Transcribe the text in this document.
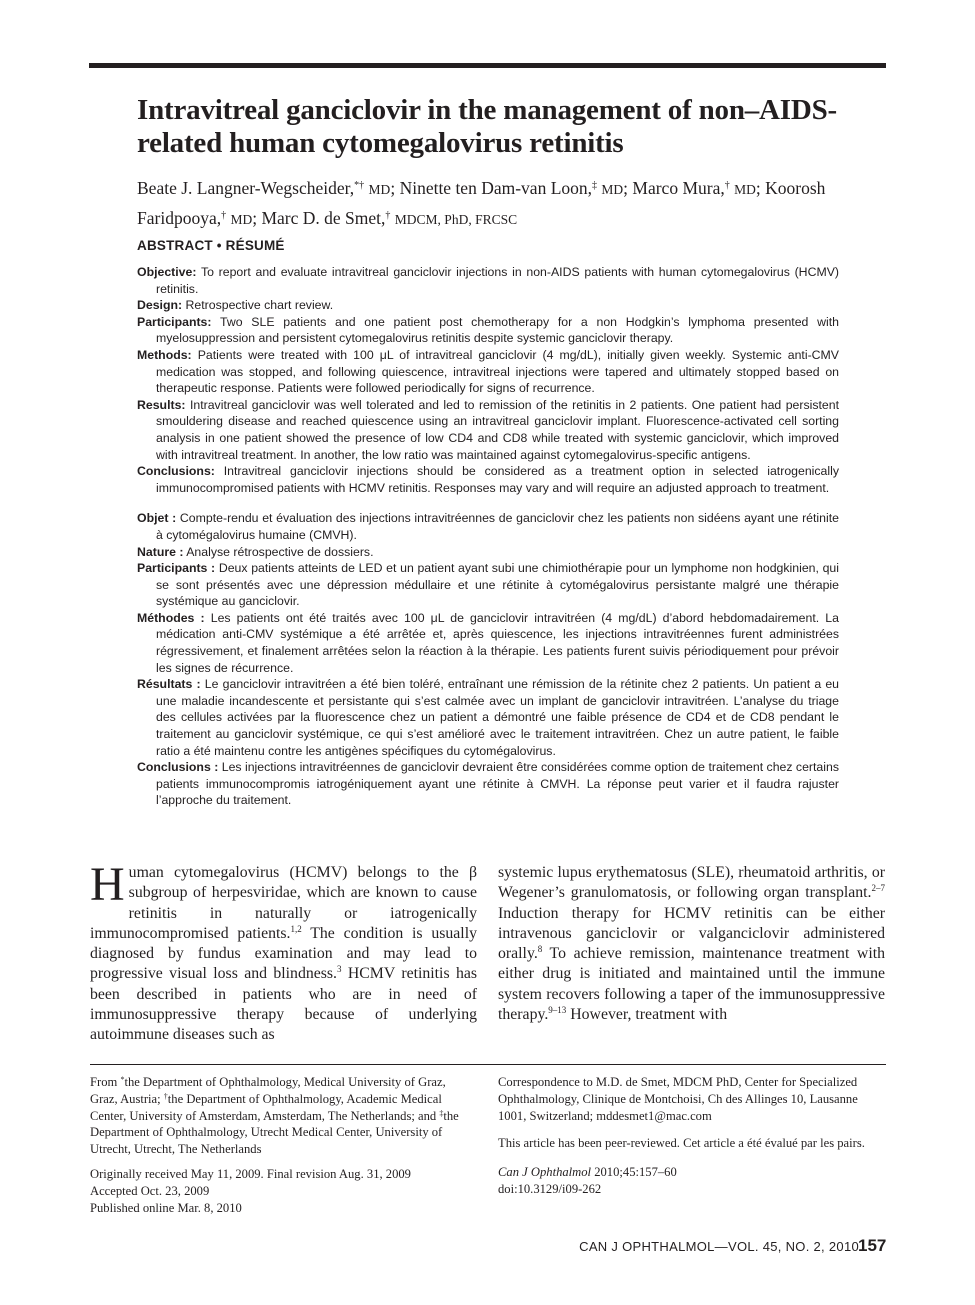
Intravitreal ganciclovir in the management of non–AIDS-related human cytomegalovirus retinitis
Beate J. Langner-Wegscheider,*† MD; Ninette ten Dam-van Loon,‡ MD; Marco Mura,† MD; Koorosh Faridpooya,† MD; Marc D. de Smet,† MDCM, PhD, FRCSC
ABSTRACT • RÉSUMÉ

Objective: To report and evaluate intravitreal ganciclovir injections in non-AIDS patients with human cytomegalovirus (HCMV) retinitis.

Design: Retrospective chart review.

Participants: Two SLE patients and one patient post chemotherapy for a non Hodgkin’s lymphoma presented with myelosuppression and persistent cytomegalovirus retinitis despite systemic ganciclovir therapy.

Methods: Patients were treated with 100 μL of intravitreal ganciclovir (4 mg/dL), initially given weekly. Systemic anti-CMV medication was stopped, and following quiescence, intravitreal injections were tapered and ultimately stopped based on therapeutic response. Patients were followed periodically for signs of recurrence.

Results: Intravitreal ganciclovir was well tolerated and led to remission of the retinitis in 2 patients. One patient had persistent smouldering disease and reached quiescence using an intravitreal ganciclovir implant. Fluorescence-activated cell sorting analysis in one patient showed the presence of low CD4 and CD8 while treated with systemic ganciclovir, which improved with intravitreal treatment. In another, the low ratio was maintained against cytomegalovirus-specific antigens.

Conclusions: Intravitreal ganciclovir injections should be considered as a treatment option in selected iatrogenically immunocompromised patients with HCMV retinitis. Responses may vary and will require an adjusted approach to treatment.

Objet : Compte-rendu et évaluation des injections intravitréennes de ganciclovir chez les patients non sidéens ayant une rétinite à cytomégalovirus humaine (CMVH).

Nature : Analyse rétrospective de dossiers.

Participants : Deux patients atteints de LED et un patient ayant subi une chimiothérapie pour un lymphome non hodgkinien, qui se sont présentés avec une dépression médullaire et une rétinite à cytomégalovirus persistante malgré une thérapie systémique au ganciclovir.

Méthodes : Les patients ont été traités avec 100 μL de ganciclovir intravitréen (4 mg/dL) d’abord hebdomadairement. La médication anti-CMV systémique a été arrêtée et, après quiescence, les injections intravitréennes furent administrées régressivement, et finalement arrêtées selon la réaction à la thérapie. Les patients furent suivis périodiquement pour prévoir les signes de récurrence.

Résultats : Le ganciclovir intravitréen a été bien toléré, entraînant une rémission de la rétinite chez 2 patients. Un patient a eu une maladie incandescente et persistante qui s’est calmée avec un implant de ganciclovir intravitréen. L’analyse du triage des cellules activées par la fluorescence chez un patient a démontré une faible présence de CD4 et de CD8 pendant le traitement au ganciclovir systémique, ce qui s’est amélioré avec le traitement intravitréen. Chez un autre patient, le faible ratio a été maintenu contre les antigènes spécifiques du cytomégalovirus.

Conclusions : Les injections intravitréennes de ganciclovir devraient être considérées comme option de traitement chez certains patients immunocompromis iatrogéniquement ayant une rétinite à CMVH. La réponse peut varier et il faudra rajuster l’approche du traitement.

Human cytomegalovirus (HCMV) belongs to the β subgroup of herpesviridae, which are known to cause retinitis in naturally or iatrogenically immunocompromised patients.$^{1,2}$ The condition is usually diagnosed by fundus examination and may lead to progressive visual loss and blindness.$^3$ HCMV retinitis has been described in patients who are in need of immunosuppressive therapy because of underlying autoimmune diseases such as

systemic lupus erythematosus (SLE), rheumatoid arthritis, or Wegener’s granulomatosis, or following organ transplant.$^{2-7}$ Induction therapy for HCMV retinitis can be either intravenous ganciclovir or valganciclovir administered orally.$^8$ To achieve remission, maintenance treatment with either drug is initiated and maintained until the immune system recovers following a taper of the immunosuppressive therapy.$^{9-13}$ However, treatment with

From *the Department of Ophthalmology, Medical University of Graz, Graz, Austria; †the Department of Ophthalmology, Academic Medical Center, University of Amsterdam, Amsterdam, The Netherlands; and ‡the Department of Ophthalmology, Utrecht Medical Center, University of Utrecht, Utrecht, The Netherlands

Originally received May 11, 2009. Final revision Aug. 31, 2009

Accepted Oct. 23, 2009

Published online Mar. 8, 2010

Correspondence to M.D. de Smet, MDCM PhD, Center for Specialized Ophthalmology, Clinique de Montchoisi, Ch des Allinges 10, Lausanne 1001, Switzerland; mddesmet1@mac.com

This article has been peer-reviewed. Cet article a été évalué par les pairs.

Can J Ophthalmol 2010;45:157–60

doi:10.3129/i09-262

CAN J OPHTHALMOL—VOL. 45, NO. 2, 2010 157
